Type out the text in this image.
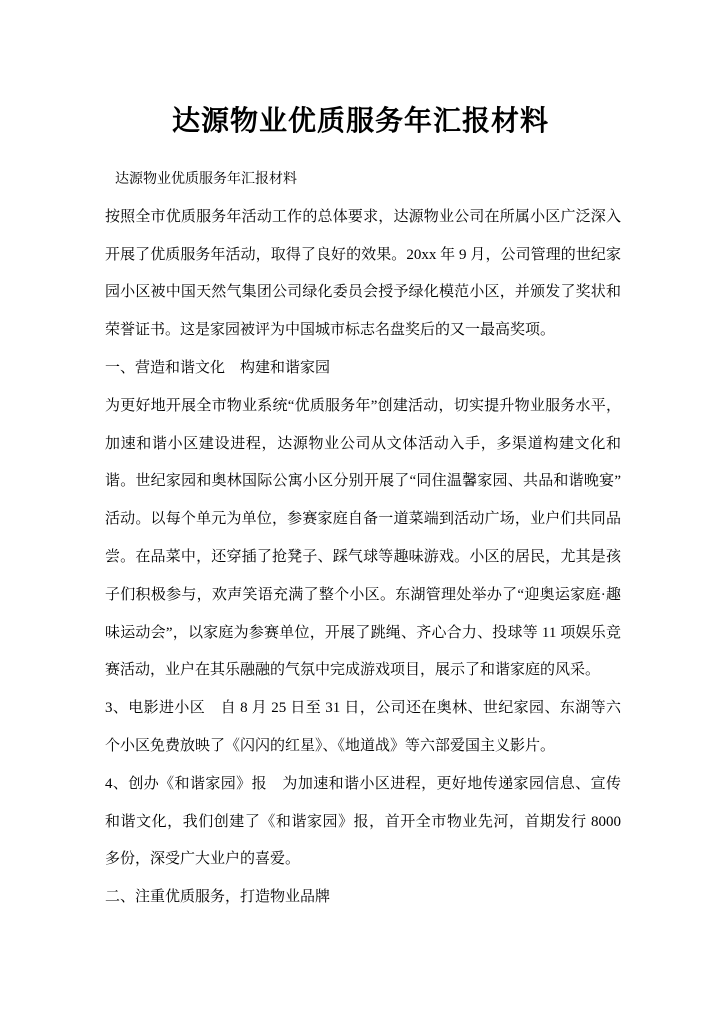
达源物业优质服务年汇报材料

达源物业优质服务年汇报材料

按照全市优质服务年活动工作的总体要求，达源物业公司在所属小区广泛深入开展了优质服务年活动，取得了良好的效果。20xx 年 9 月，公司管理的世纪家园小区被中国天然气集团公司绿化委员会授予绿化模范小区，并颁发了奖状和荣誉证书。这是家园被评为中国城市标志名盘奖后的又一最高奖项。

一、营造和谐文化　构建和谐家园

为更好地开展全市物业系统“优质服务年”创建活动，切实提升物业服务水平，加速和谐小区建设进程，达源物业公司从文体活动入手，多渠道构建文化和谐。世纪家园和奥林国际公寓小区分别开展了“同住温馨家园、共品和谐晚宴”活动。以每个单元为单位，参赛家庭自备一道菜端到活动广场，业户们共同品尝。在品菜中，还穿插了抢凳子、踩气球等趣味游戏。小区的居民，尤其是孩子们积极参与，欢声笑语充满了整个小区。东湖管理处举办了“迎奥运家庭·趣味运动会”，以家庭为参赛单位，开展了跳绳、齐心合力、投球等 11 项娱乐竞赛活动，业户在其乐融融的气氛中完成游戏项目，展示了和谐家庭的风采。

3、电影进小区　自 8 月 25 日至 31 日，公司还在奥林、世纪家园、东湖等六个小区免费放映了《闪闪的红星》、《地道战》等六部爱国主义影片。

4、创办《和谐家园》报　为加速和谐小区进程，更好地传递家园信息、宣传和谐文化，我们创建了《和谐家园》报，首开全市物业先河，首期发行 8000 多份，深受广大业户的喜爱。

二、注重优质服务，打造物业品牌
